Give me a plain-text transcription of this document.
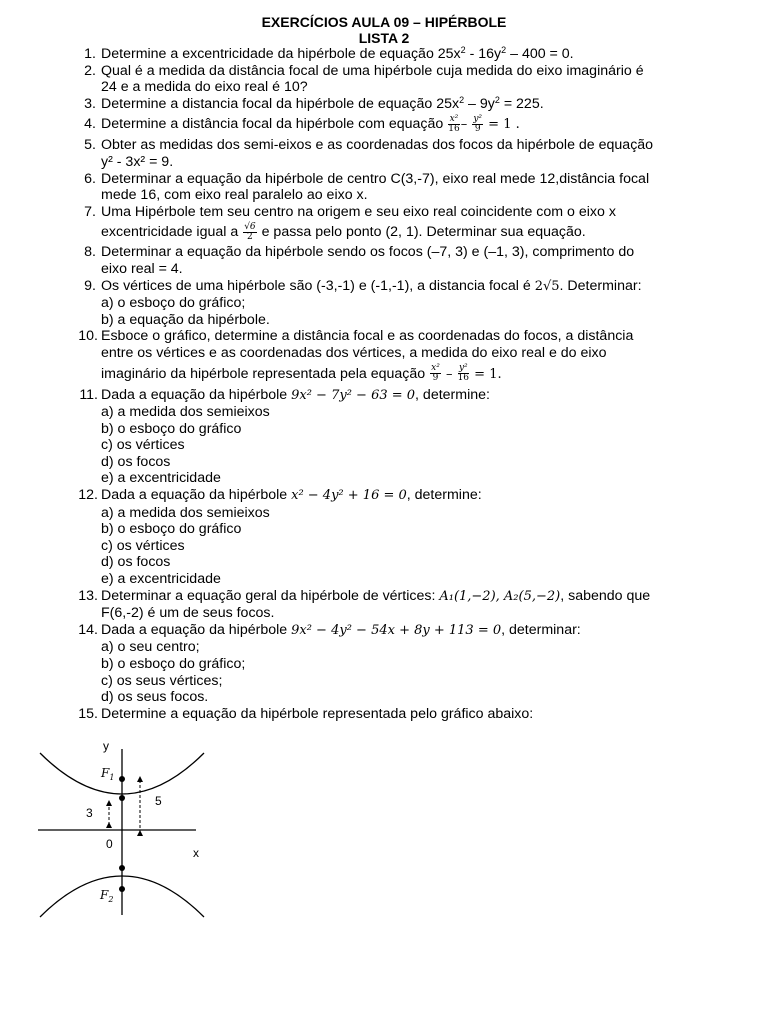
EXERCÍCIOS AULA 09 – HIPÉRBOLE
LISTA 2
1. Determine a excentricidade da hipérbole de equação $25x^2 - 16y^2 - 400 = 0$.
2. Qual é a medida da distância focal de uma hipérbole cuja medida do eixo imaginário é
24 e a medida do eixo real é 10?
3. Determine a distancia focal da hipérbole de equação $25x^2 - 9y^2 = 225$.
4. Determine a distância focal da hipérbole com equação $\frac{\text{x²}}{16} - \frac{\text{y²}}{9} = 1$ .
5. Obter as medidas dos semi-eixos e as coordenadas dos focos da hipérbole de equação
y² - 3x² = 9.
6. Determinar a equação da hipérbole de centro C(3,-7), eixo real mede 12,distância focal
mede 16, com eixo real paralelo ao eixo x.
7. Uma Hipérbole tem seu centro na origem e seu eixo real coincidente com o eixo x
excentricidade igual a $\frac{√6}{2}$ e passa pelo ponto (2, 1). Determinar sua equação.
8. Determinar a equação da hipérbole sendo os focos (–7, 3) e (–1, 3), comprimento do
eixo real = 4.
9. Os vértices de uma hipérbole são (-3,-1) e (-1,-1), a distancia focal é 2√5. Determinar:
a) o esboço do gráfico;
b) a equação da hipérbole.
10. Esboce o gráfico, determine a distância focal e as coordenadas do focos, a distância
entre os vértices e as coordenadas dos vértices, a medida do eixo real e do eixo
imaginário da hipérbole representada pela equação $\frac{\text{x²}}{9} - \frac{\text{y²}}{16} = 1$.
11. Dada a equação da hipérbole 9x² − 7y² − 63 = 0, determine:
a) a medida dos semieixos
b) o esboço do gráfico
c) os vértices
d) os focos
e) a excentricidade
12. Dada a equação da hipérbole x² − 4y² + 16 = 0, determine:
a) a medida dos semieixos
b) o esboço do gráfico
c) os vértices
d) os focos
e) a excentricidade
13. Determinar a equação geral da hipérbole de vértices: A₁(1,−2), A₂(5,−2), sabendo que
F(6,-2) é um de seus focos.
14. Dada a equação da hipérbole 9x² − 4y² − 54x + 8y + 113 = 0, determinar:
a) o seu centro;
b) o esboço do gráfico;
c) os seus vértices;
d) os seus focos.
15. Determine a equação da hipérbole representada pelo gráfico abaixo:
y
x
0
$F_1$
$F_2$
3
5
